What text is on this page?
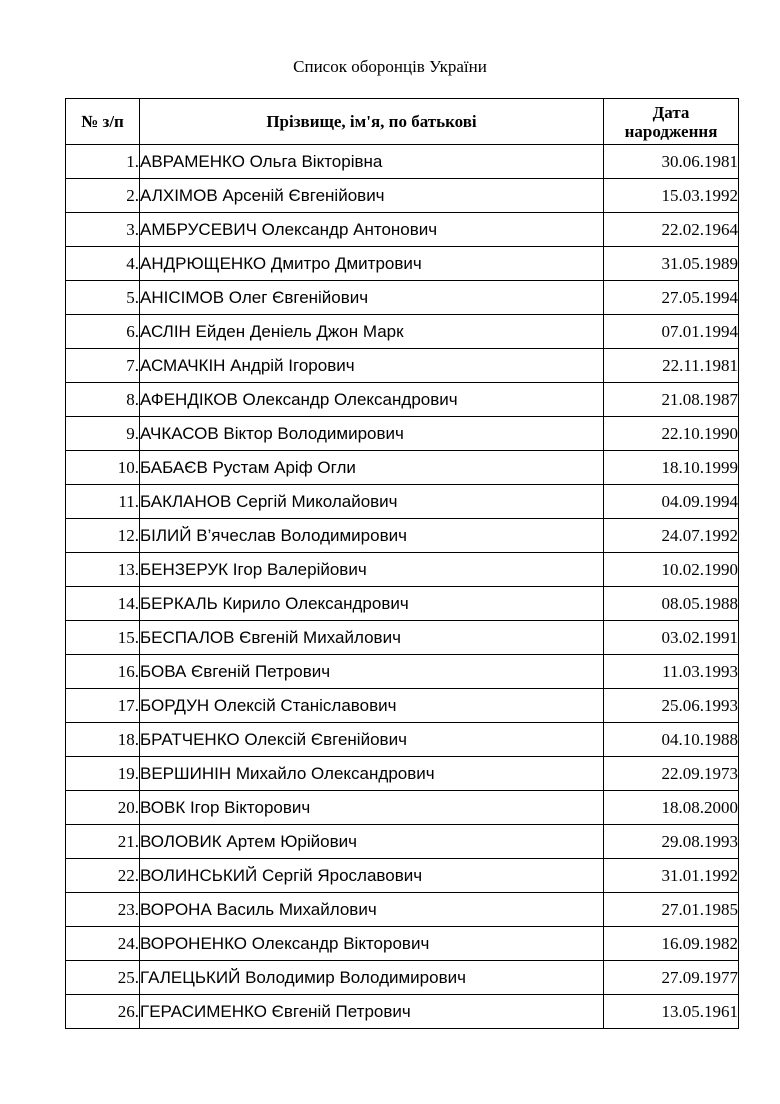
Список оборонців України
№ з/п	Прізвище, ім'я, по батькові	Дата
народження
1.	АВРАМЕНКО Ольга Вікторівна	30.06.1981
2.	АЛХІМОВ Арсеній Євгенійович	15.03.1992
3.	АМБРУСЕВИЧ Олександр Антонович	22.02.1964
4.	АНДРЮЩЕНКО Дмитро Дмитрович	31.05.1989
5.	АНІСІМОВ Олег Євгенійович	27.05.1994
6.	АСЛІН Ейден Деніель Джон Марк	07.01.1994
7.	АСМАЧКІН Андрій Ігорович	22.11.1981
8.	АФЕНДІКОВ Олександр Олександрович	21.08.1987
9.	АЧКАСОВ Віктор Володимирович	22.10.1990
10.	БАБАЄВ Рустам Аріф Огли	18.10.1999
11.	БАКЛАНОВ Сергій Миколайович	04.09.1994
12.	БІЛИЙ В’ячеслав Володимирович	24.07.1992
13.	БЕНЗЕРУК Ігор Валерійович	10.02.1990
14.	БЕРКАЛЬ Кирило Олександрович	08.05.1988
15.	БЕСПАЛОВ Євгеній Михайлович	03.02.1991
16.	БОВА Євгеній Петрович	11.03.1993
17.	БОРДУН Олексій Станіславович	25.06.1993
18.	БРАТЧЕНКО Олексій Євгенійович	04.10.1988
19.	ВЕРШИНІН Михайло Олександрович	22.09.1973
20.	ВОВК Ігор Вікторович	18.08.2000
21.	ВОЛОВИК Артем Юрійович	29.08.1993
22.	ВОЛИНСЬКИЙ Сергій Ярославович	31.01.1992
23.	ВОРОНА Василь Михайлович	27.01.1985
24.	ВОРОНЕНКО Олександр Вікторович	16.09.1982
25.	ГАЛЕЦЬКИЙ Володимир Володимирович	27.09.1977
26.	ГЕРАСИМЕНКО Євгеній Петрович	13.05.1961
